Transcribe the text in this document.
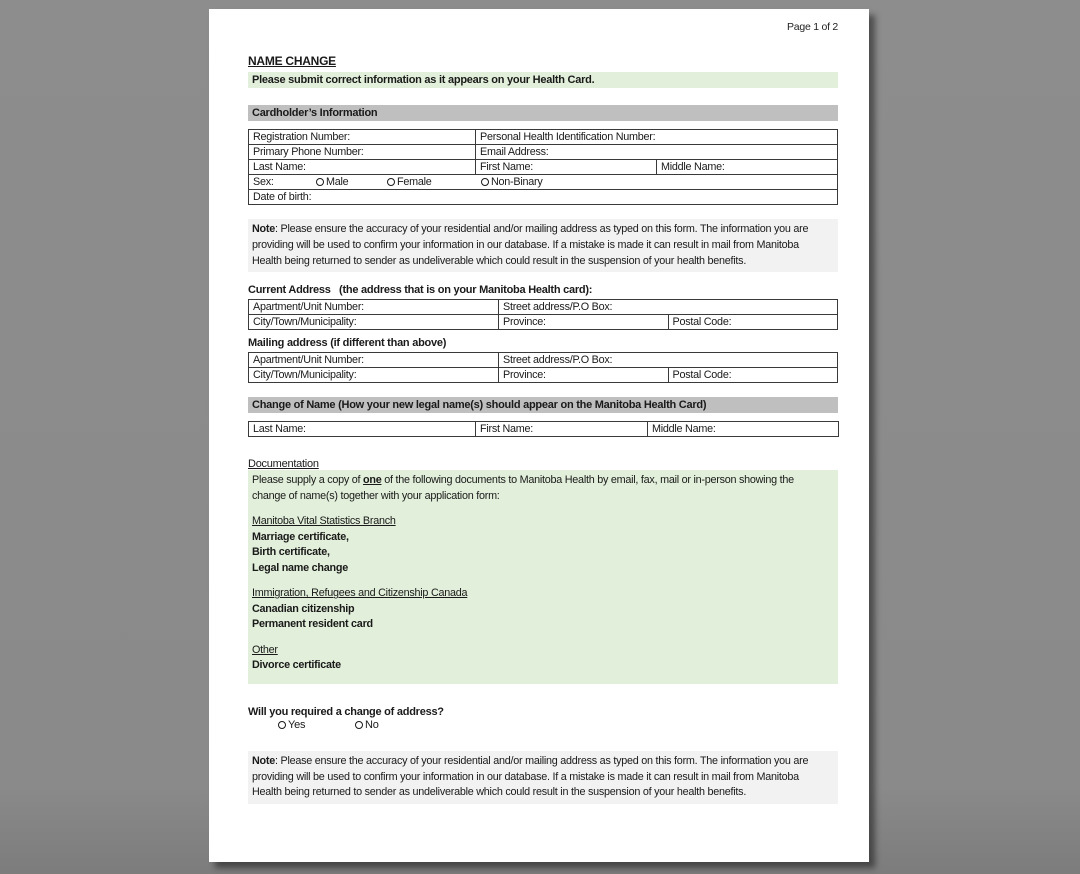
Page 1 of 2
NAME CHANGE
Please submit correct information as it appears on your Health Card.
Cardholder’s Information
Registration Number:	Personal Health Identification Number:	
Primary Phone Number:	Email Address:	
Last Name:	First Name:	Middle Name:
Sex: Male Female Non-Binary		
Date of birth:		
Note: Please ensure the accuracy of your residential and/or mailing address as typed on this form. The information you are
providing will be used to confirm your information in our database. If a mistake is made it can result in mail from Manitoba
Health being returned to sender as undeliverable which could result in the suspension of your health benefits.
Current Address   (the address that is on your Manitoba Health card):
Apartment/Unit Number:	Street address/P.O Box:	
City/Town/Municipality:	Province:	Postal Code:
Mailing address (if different than above)
Apartment/Unit Number:	Street address/P.O Box:	
City/Town/Municipality:	Province:	Postal Code:
Change of Name (How your new legal name(s) should appear on the Manitoba Health Card)
Last Name:	First Name:	Middle Name:
Documentation
Please supply a copy of one of the following documents to Manitoba Health by email, fax, mail or in-person showing the
change of name(s) together with your application form:
Manitoba Vital Statistics Branch
Marriage certificate,
Birth certificate,
Legal name change
Immigration, Refugees and Citizenship Canada
Canadian citizenship
Permanent resident card
Other
Divorce certificate
Will you required a change of address?
Yes	No
Note: Please ensure the accuracy of your residential and/or mailing address as typed on this form. The information you are
providing will be used to confirm your information in our database. If a mistake is made it can result in mail from Manitoba
Health being returned to sender as undeliverable which could result in the suspension of your health benefits.
